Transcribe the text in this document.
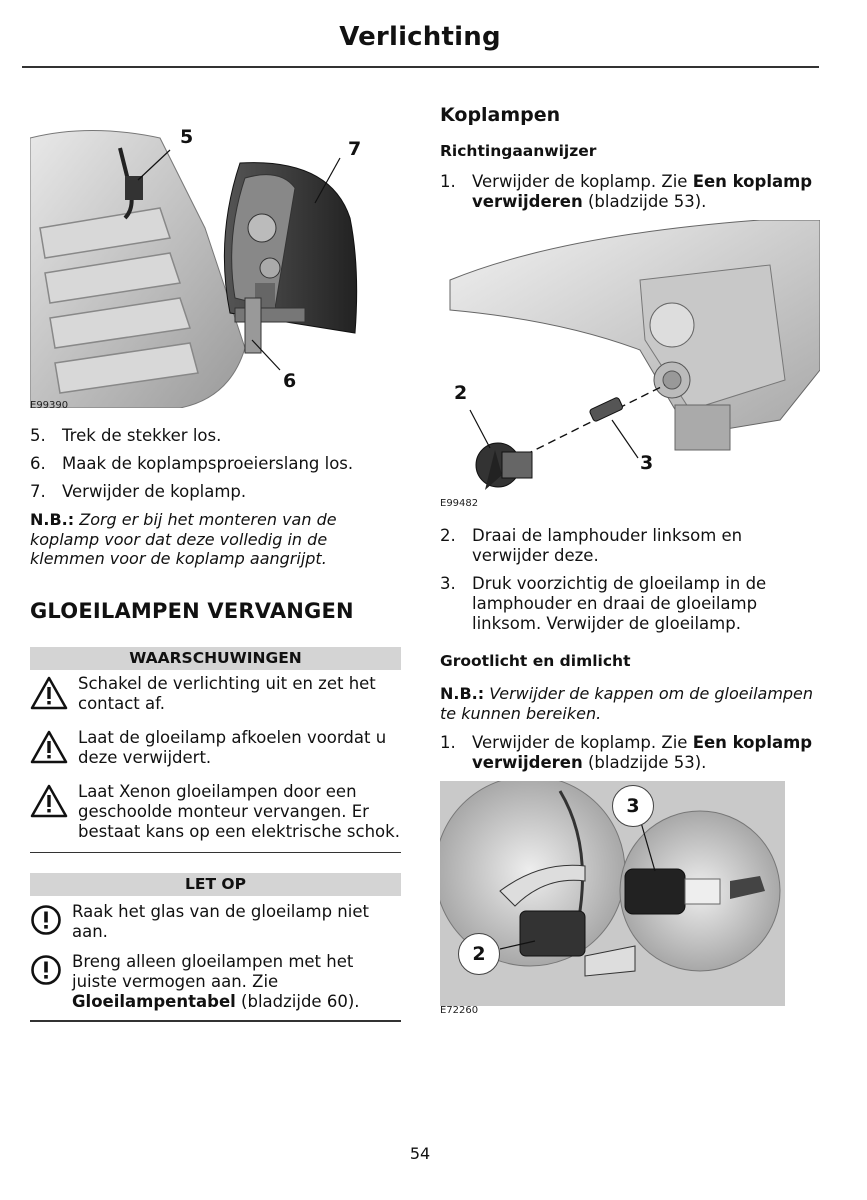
Verlichting
5
7
6
E99390
5. Trek de stekker los.
6. Maak de koplampsproeierslang los.
7. Verwijder de koplamp.

N.B.: Zorg er bij het monteren van de koplamp voor dat deze volledig in de klemmen voor de koplamp aangrijpt.

GLOEILAMPEN VERVANGEN
WAARSCHUWINGEN
Schakel de verlichting uit en zet het contact af.
Laat de gloeilamp afkoelen voordat u deze verwijdert.
Laat Xenon gloeilampen door een geschoolde monteur vervangen. Er bestaat kans op een elektrische schok.
LET OP
Raak het glas van de gloeilamp niet aan.
Breng alleen gloeilampen met het juiste vermogen aan. Zie Gloeilampentabel (bladzijde 60).
Koplampen
Richtingaanwijzer
1. Verwijder de koplamp. Zie Een koplamp verwijderen (bladzijde 53).
2
3
E99482
2. Draai de lamphouder linksom en verwijder deze.
3. Druk voorzichtig de gloeilamp in de lamphouder en draai de gloeilamp linksom. Verwijder de gloeilamp.
Grootlicht en dimlicht

N.B.: Verwijder de kappen om de gloeilampen te kunnen bereiken.

1. Verwijder de koplamp. Zie Een koplamp verwijderen (bladzijde 53).
3
2
E72260
54
